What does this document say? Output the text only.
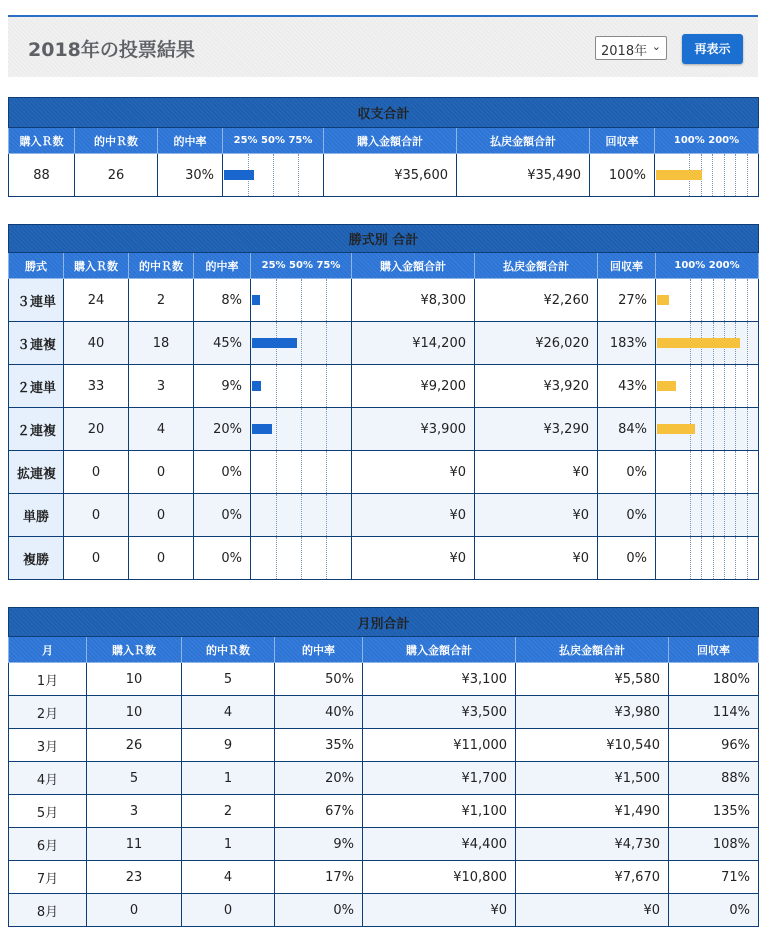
2018年の投票結果	2018年 ⌄	再表示
収支合計							
購入Ｒ数	的中Ｒ数	的中率	25% 50% 75%	購入金額合計	払戻金額合計	回収率	100% 200%
88	26	30%		¥35,600	¥35,490	100%	
勝式別 合計								
勝式	購入Ｒ数	的中Ｒ数	的中率	25% 50% 75%	購入金額合計	払戻金額合計	回収率	100% 200%
３連単	24	2	8%		¥8,300	¥2,260	27%	

３連複	40	18	45%		¥14,200	¥26,020	183%	

２連単	33	3	9%		¥9,200	¥3,920	43%	

２連複	20	4	20%		¥3,900	¥3,290	84%	

拡連複	0	0	0%		¥0	¥0	0%	

単勝	0	0	0%		¥0	¥0	0%	

複勝	0	0	0%		¥0	¥0	0%	
月別合計						
月	購入Ｒ数	的中Ｒ数	的中率	購入金額合計	払戻金額合計	回収率
1月	10	5	50%	¥3,100	¥5,580	180%
2月	10	4	40%	¥3,500	¥3,980	114%
3月	26	9	35%	¥11,000	¥10,540	96%
4月	5	1	20%	¥1,700	¥1,500	88%
5月	3	2	67%	¥1,100	¥1,490	135%
6月	11	1	9%	¥4,400	¥4,730	108%
7月	23	4	17%	¥10,800	¥7,670	71%
8月	0	0	0%	¥0	¥0	0%
